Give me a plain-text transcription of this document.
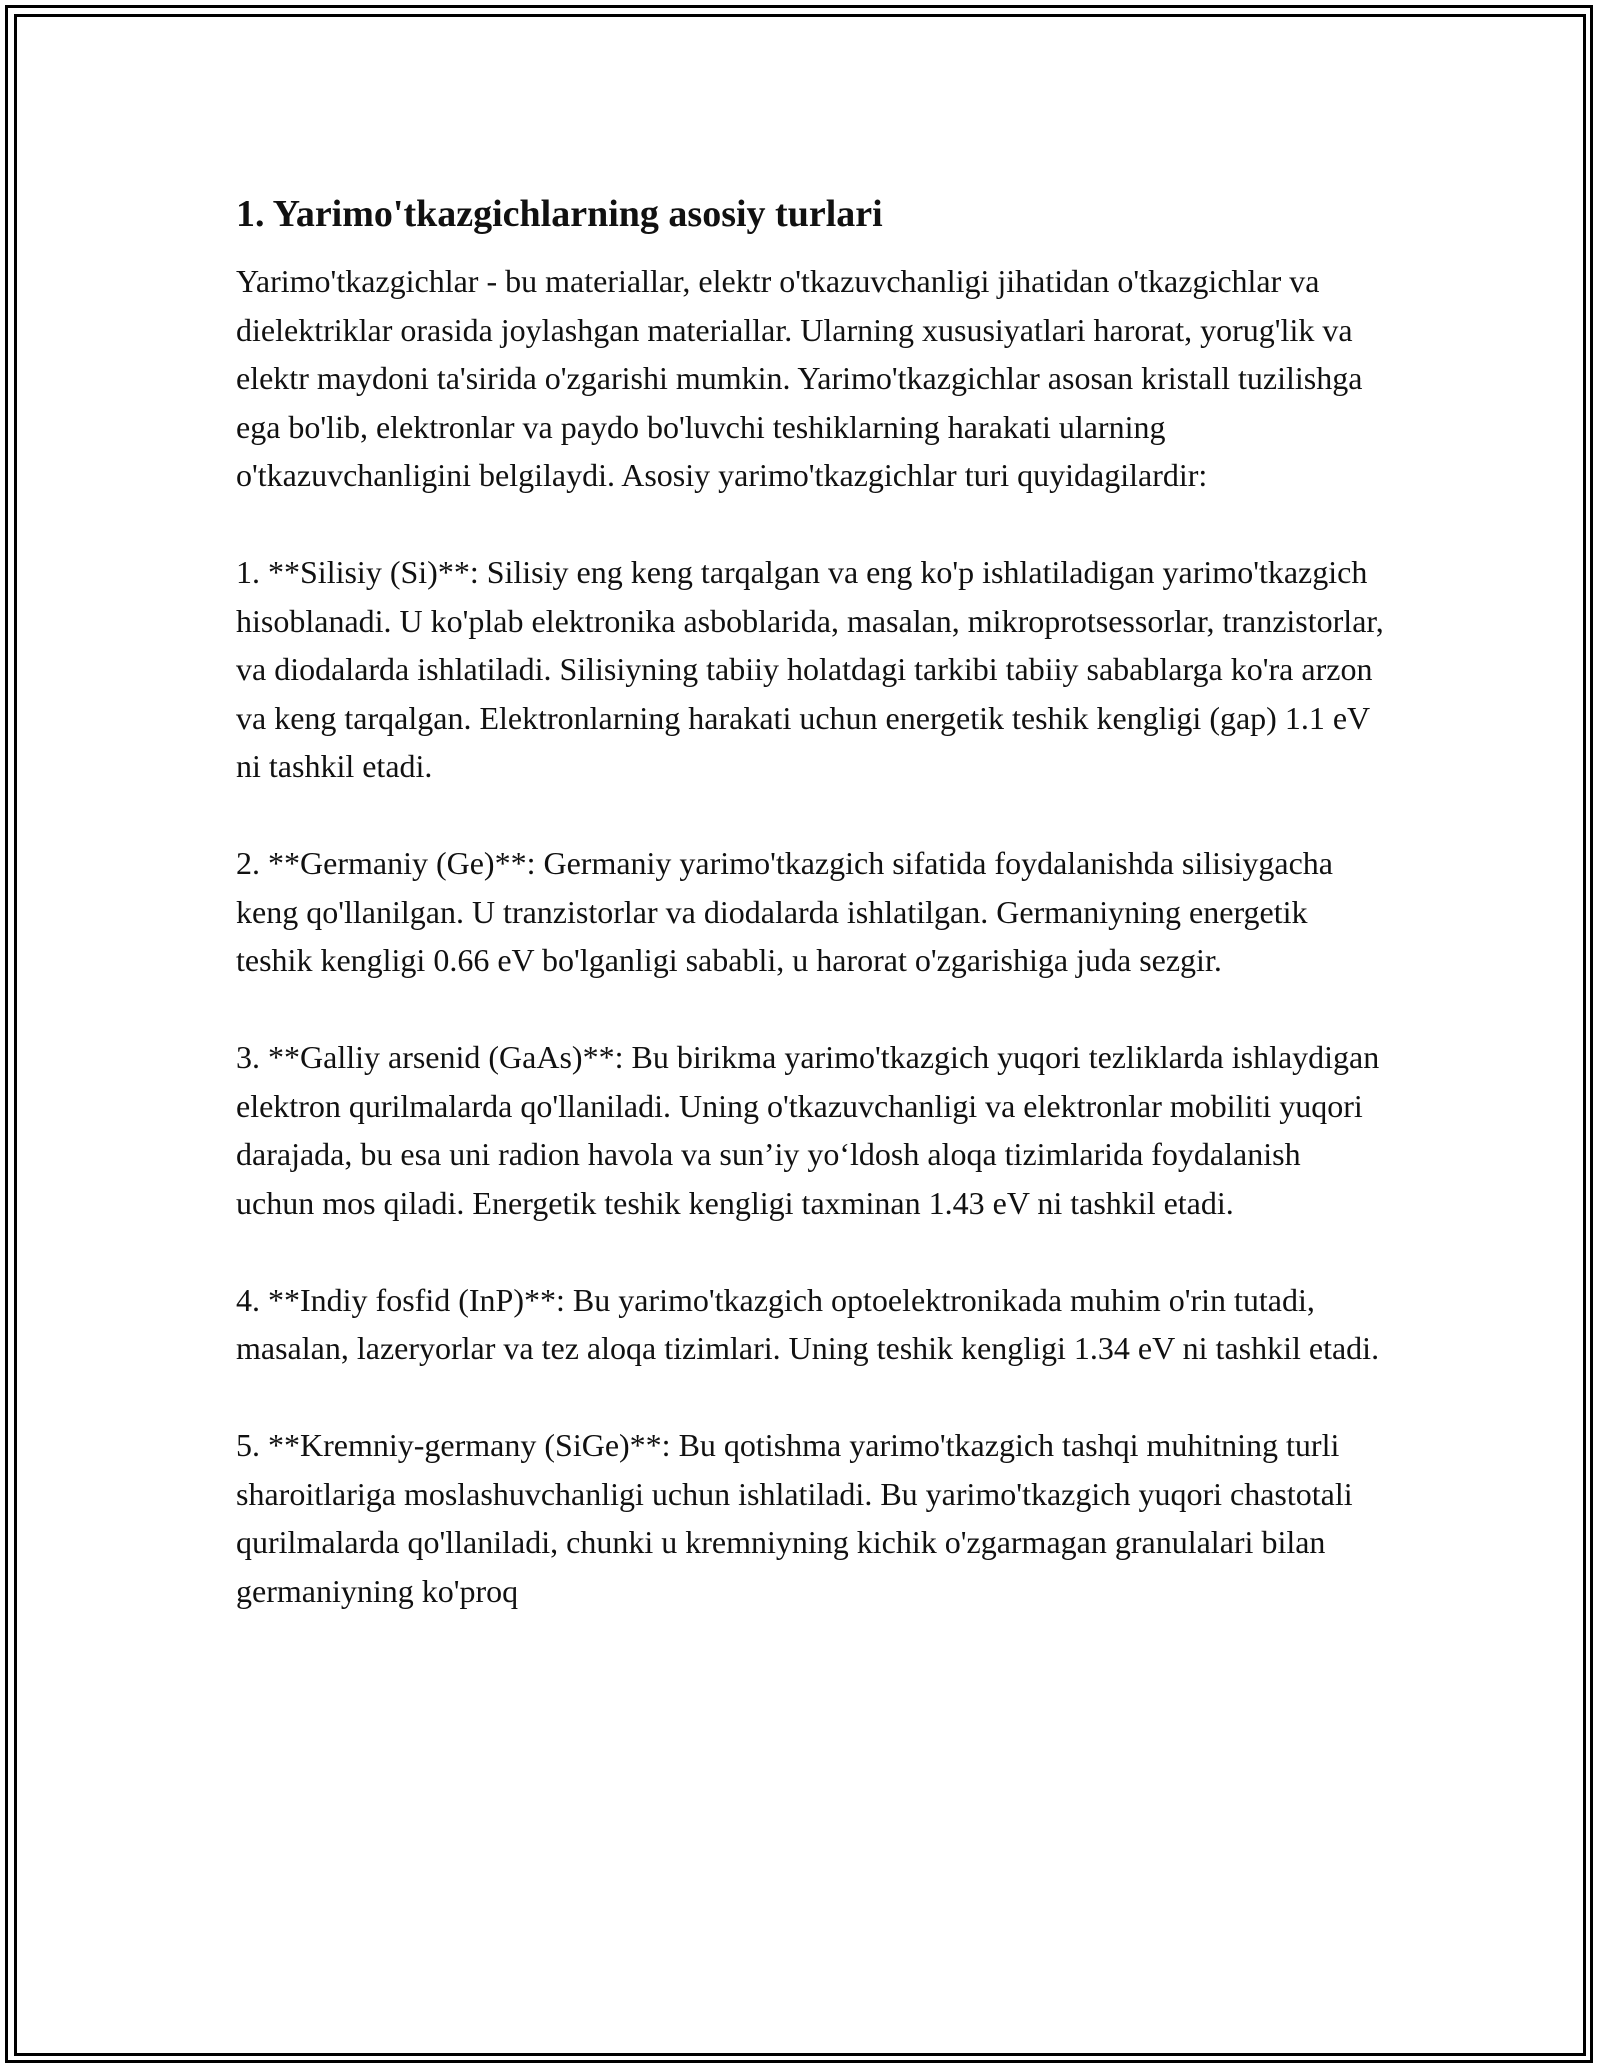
1. Yarimo'tkazgichlarning asosiy turlari

Yarimo'tkazgichlar - bu materiallar, elektr o'tkazuvchanligi jihatidan o'tkazgichlar va dielektriklar orasida joylashgan materiallar. Ularning xususiyatlari harorat, yorug'lik va elektr maydoni ta'sirida o'zgarishi mumkin. Yarimo'tkazgichlar asosan kristall tuzilishga ega bo'lib, elektronlar va paydo bo'luvchi teshiklarning harakati ularning o'tkazuvchanligini belgilaydi. Asosiy yarimo'tkazgichlar turi quyidagilardir:

1. **Silisiy (Si)**: Silisiy eng keng tarqalgan va eng ko'p ishlatiladigan yarimo'tkazgich hisoblanadi. U ko'plab elektronika asboblarida, masalan, mikroprotsessorlar, tranzistorlar, va diodalarda ishlatiladi. Silisiyning tabiiy holatdagi tarkibi tabiiy sabablarga ko'ra arzon va keng tarqalgan. Elektronlarning harakati uchun energetik teshik kengligi (gap) 1.1 eV ni tashkil etadi.

2. **Germaniy (Ge)**: Germaniy yarimo'tkazgich sifatida foydalanishda silisiygacha keng qo'llanilgan. U tranzistorlar va diodalarda ishlatilgan. Germaniyning energetik teshik kengligi 0.66 eV bo'lganligi sababli, u harorat o'zgarishiga juda sezgir.

3. **Galliy arsenid (GaAs)**: Bu birikma yarimo'tkazgich yuqori tezliklarda ishlaydigan elektron qurilmalarda qo'llaniladi. Uning o'tkazuvchanligi va elektronlar mobiliti yuqori darajada, bu esa uni radion havola va sun’iy yo‘ldosh aloqa tizimlarida foydalanish uchun mos qiladi. Energetik teshik kengligi taxminan 1.43 eV ni tashkil etadi.

4. **Indiy fosfid (InP)**: Bu yarimo'tkazgich optoelektronikada muhim o'rin tutadi, masalan, lazeryorlar va tez aloqa tizimlari. Uning teshik kengligi 1.34 eV ni tashkil etadi.

5. **Kremniy-germany (SiGe)**: Bu qotishma yarimo'tkazgich tashqi muhitning turli sharoitlariga moslashuvchanligi uchun ishlatiladi. Bu yarimo'tkazgich yuqori chastotali qurilmalarda qo'llaniladi, chunki u kremniyning kichik o'zgarmagan granulalari bilan germaniyning ko'proq
